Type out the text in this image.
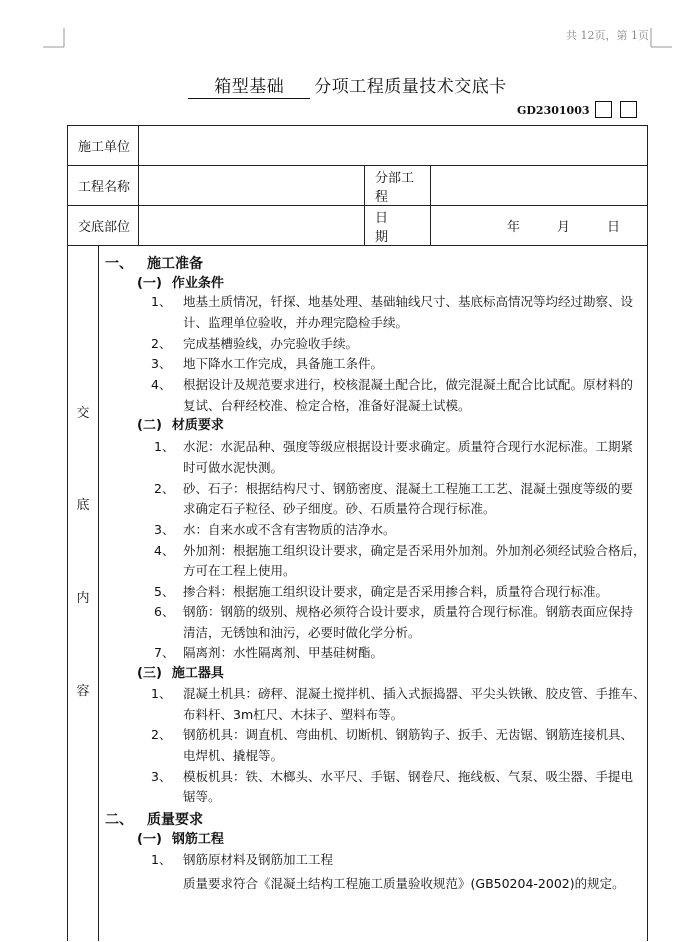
共 12页，第 1页
箱型基础 分项工程质量技术交底卡
GD2301003
施工单位			
工程名称		分部工程	
交底部位		日期	年 月 日
交
底
内
容
一、 施工准备
(一) 作业条件
1、 地基土质情况，钎探、地基处理、基础轴线尺寸、基底标高情况等均经过勘察、设
计、监理单位验收，并办理完隐检手续。
2、 完成基槽验线，办完验收手续。
3、 地下降水工作完成，具备施工条件。
4、 根据设计及规范要求进行，校核混凝土配合比，做完混凝土配合比试配。原材料的
复试、台秤经校准、检定合格，准备好混凝土试模。
(二) 材质要求
1、 水泥：水泥品种、强度等级应根据设计要求确定。质量符合现行水泥标准。工期紧
时可做水泥快测。
2、 砂、石子：根据结构尺寸、钢筋密度、混凝土工程施工工艺、混凝土强度等级的要
求确定石子粒径、砂子细度。砂、石质量符合现行标准。
3、 水：自来水或不含有害物质的洁净水。
4、 外加剂：根据施工组织设计要求，确定是否采用外加剂。外加剂必须经试验合格后，
方可在工程上使用。
5、 掺合料：根据施工组织设计要求，确定是否采用掺合料，质量符合现行标准。
6、 钢筋：钢筋的级别、规格必须符合设计要求，质量符合现行标准。钢筋表面应保持
清洁，无锈蚀和油污，必要时做化学分析。
7、 隔离剂：水性隔离剂、甲基硅树酯。
(三) 施工器具
1、 混凝土机具：磅秤、混凝土搅拌机、插入式振捣器、平尖头铁锹、胶皮管、手推车、
布料杆、3m杠尺、木抹子、塑料布等。
2、 钢筋机具：调直机、弯曲机、切断机、钢筋钩子、扳手、无齿锯、钢筋连接机具、
电焊机、撬棍等。
3、 模板机具：铁、木榔头、水平尺、手锯、钢卷尺、拖线板、气泵、吸尘器、手提电
锯等。
二、 质量要求
(一) 钢筋工程
1、 钢筋原材料及钢筋加工工程
质量要求符合《混凝土结构工程施工质量验收规范》(GB50204-2002)的规定。
